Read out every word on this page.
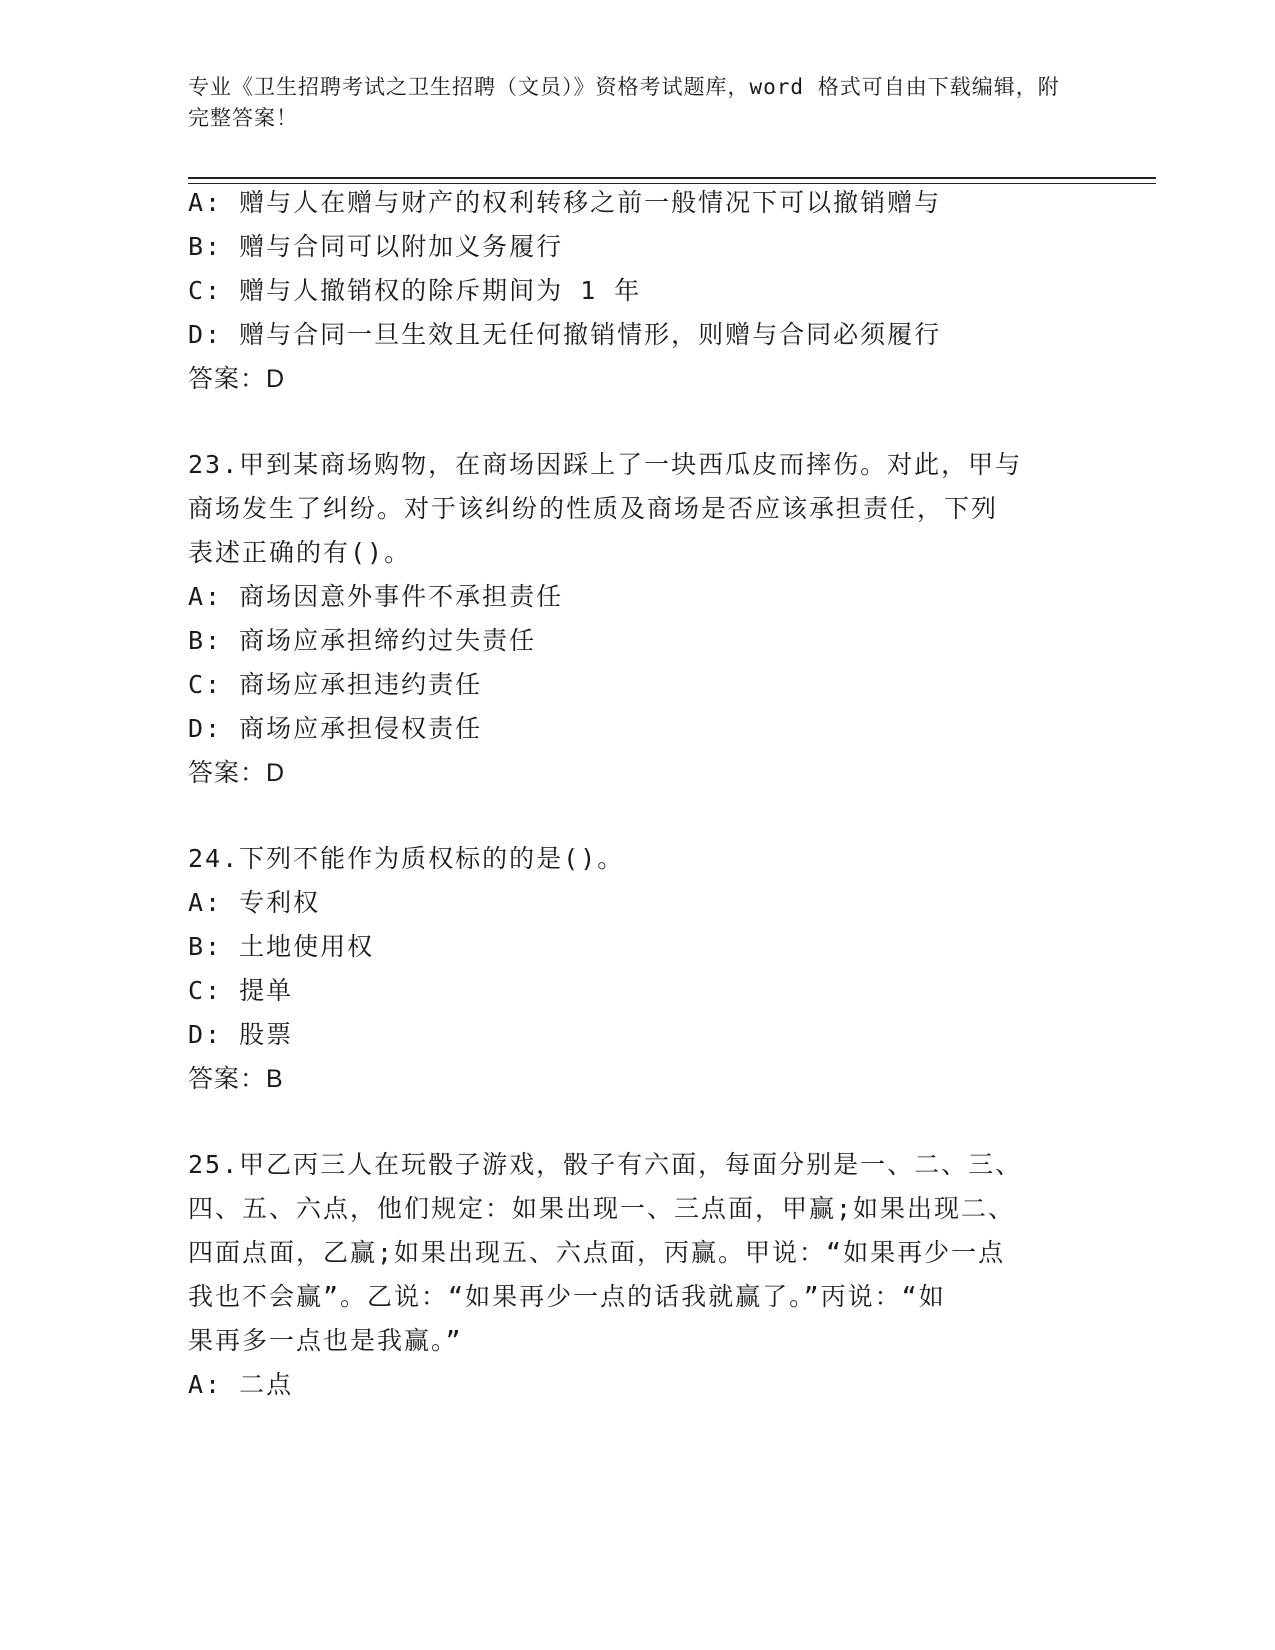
专业《卫生招聘考试之卫生招聘（文员）》资格考试题库，word 格式可自由下载编辑，附完整答案！
A: 赠与人在赠与财产的权利转移之前一般情况下可以撤销赠与
B: 赠与合同可以附加义务履行
C: 赠与人撤销权的除斥期间为 1 年
D: 赠与合同一旦生效且无任何撤销情形，则赠与合同必须履行
答案：D
23.甲到某商场购物，在商场因踩上了一块西瓜皮而摔伤。对此，甲与
商场发生了纠纷。对于该纠纷的性质及商场是否应该承担责任，下列
表述正确的有()。
A: 商场因意外事件不承担责任
B: 商场应承担缔约过失责任
C: 商场应承担违约责任
D: 商场应承担侵权责任
答案：D
24.下列不能作为质权标的的是()。
A: 专利权
B: 土地使用权
C: 提单
D: 股票
答案：B
25.甲乙丙三人在玩骰子游戏，骰子有六面，每面分别是一、二、三、
四、五、六点，他们规定：如果出现一、三点面，甲赢;如果出现二、
四面点面，乙赢;如果出现五、六点面，丙赢。甲说：“如果再少一点
我也不会赢”。乙说：“如果再少一点的话我就赢了。”丙说：“如
果再多一点也是我赢。”
A: 二点
